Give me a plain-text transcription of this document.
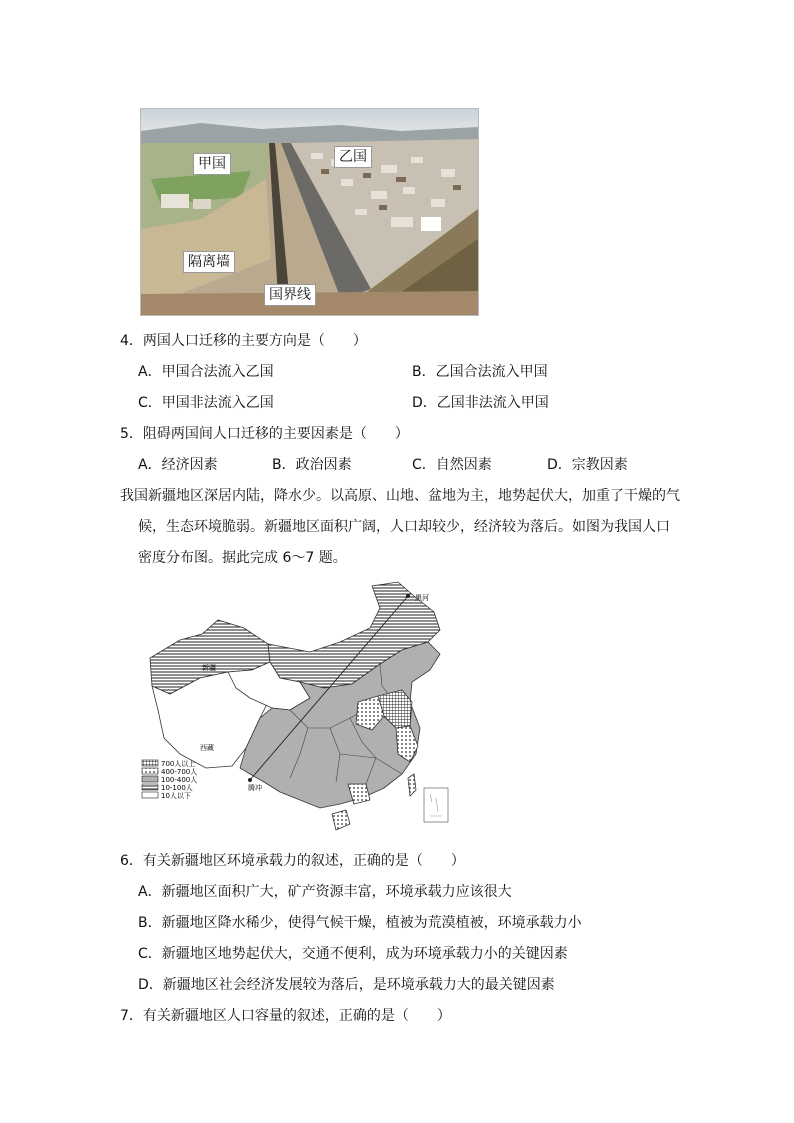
甲国	乙国
隔离墙
国界线
4．两国人口迁移的主要方向是（　　）
A．甲国合法流入乙国	B．乙国合法流入甲国
C．甲国非法流入乙国	D．乙国非法流入甲国
5．阻碍两国间人口迁移的主要因素是（　　）
A．经济因素	B．政治因素	C．自然因素	D．宗教因素
我国新疆地区深居内陆，降水少。以高原、山地、盆地为主，地势起伏大，加重了干燥的气
候，生态环境脆弱。新疆地区面积广阔，人口却较少，经济较为落后。如图为我国人口
密度分布图。据此完成 6～7 题。
黑河
新疆
西藏
腾冲
700人以上
400-700人
100-400人
10-100人
10人以下
6．有关新疆地区环境承载力的叙述，正确的是（　　）
A．新疆地区面积广大，矿产资源丰富，环境承载力应该很大
B．新疆地区降水稀少，使得气候干燥，植被为荒漠植被，环境承载力小
C．新疆地区地势起伏大，交通不便利，成为环境承载力小的关键因素
D．新疆地区社会经济发展较为落后，是环境承载力大的最关键因素
7．有关新疆地区人口容量的叙述，正确的是（　　）
